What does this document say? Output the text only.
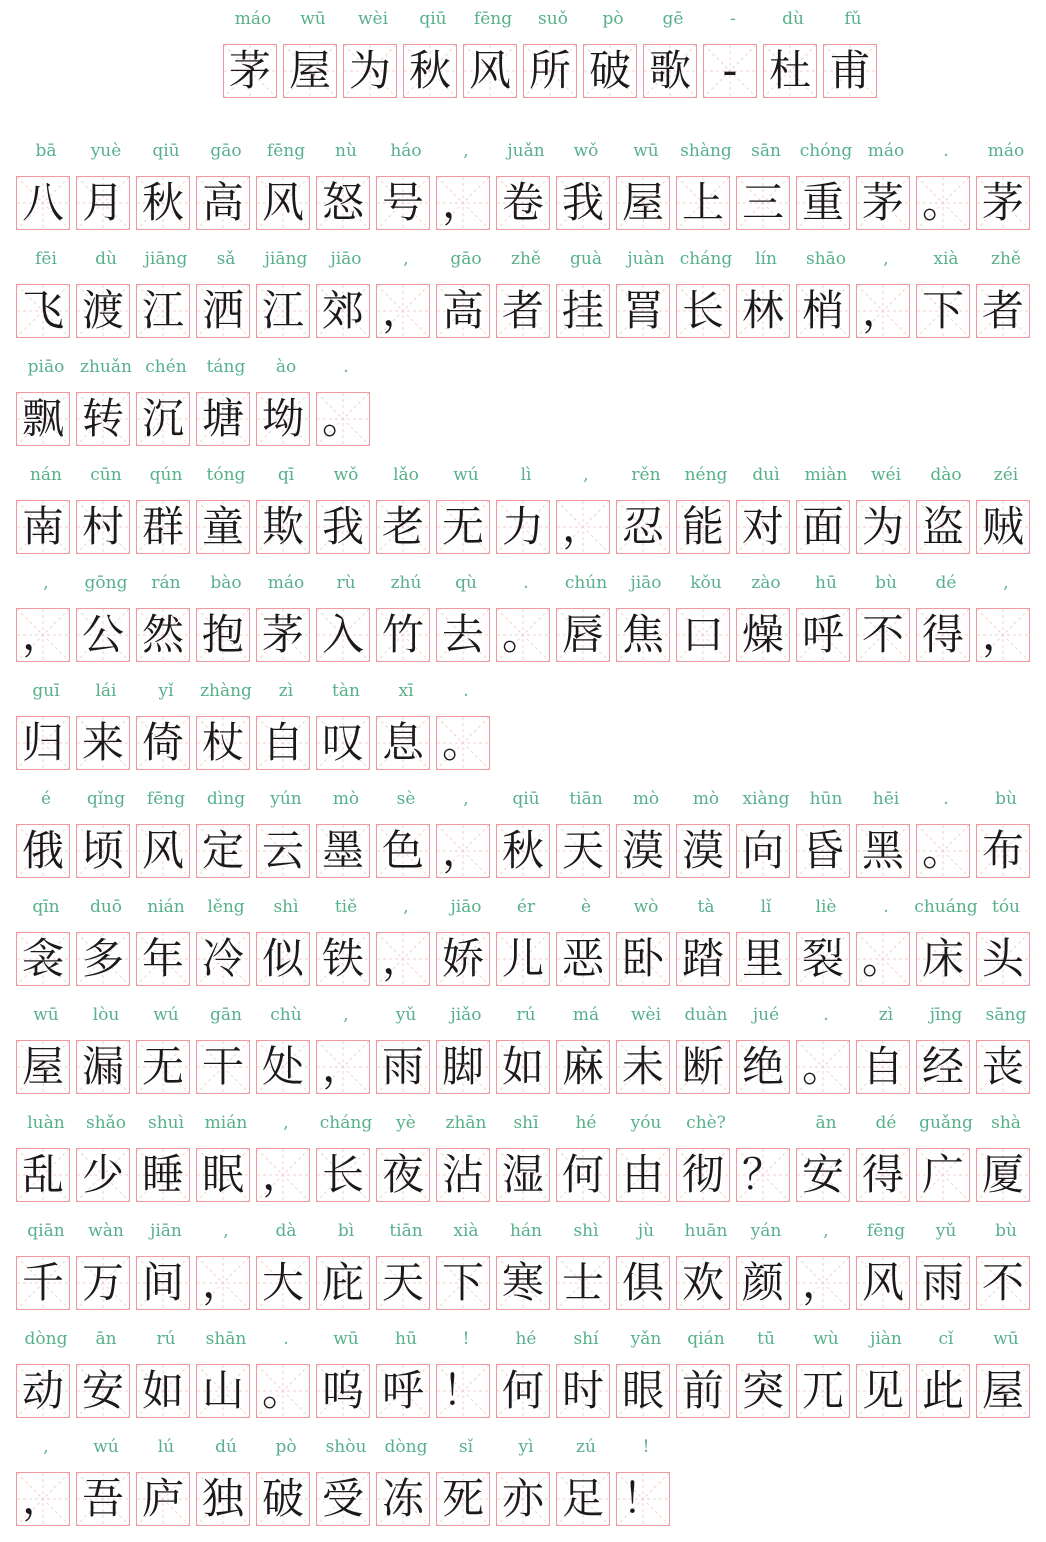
máo
茅
wū
屋
wèi
为
qiū
秋
fēng
风
suǒ
所
pò
破
gē
歌
-
-
dù
杜
fǔ
甫
bā
八
yuè
月
qiū
秋
gāo
高
fēng
风
nù
怒
háo
号
,
，
juǎn
卷
wǒ
我
wū
屋
shàng
上
sān
三
chóng
重
máo
茅
.
。
máo
茅
fēi
飞
dù
渡
jiāng
江
sǎ
洒
jiāng
江
jiāo
郊
,
，
gāo
高
zhě
者
guà
挂
juàn
罥
cháng
长
lín
林
shāo
梢
,
，
xià
下
zhě
者
piāo
飘
zhuǎn
转
chén
沉
táng
塘
ào
坳
.
。
nán
南
cūn
村
qún
群
tóng
童
qī
欺
wǒ
我
lǎo
老
wú
无
lì
力
,
，
rěn
忍
néng
能
duì
对
miàn
面
wéi
为
dào
盗
zéi
贼
,
，
gōng
公
rán
然
bào
抱
máo
茅
rù
入
zhú
竹
qù
去
.
。
chún
唇
jiāo
焦
kǒu
口
zào
燥
hū
呼
bù
不
dé
得
,
，
guī
归
lái
来
yǐ
倚
zhàng
杖
zì
自
tàn
叹
xī
息
.
。
é
俄
qǐng
顷
fēng
风
dìng
定
yún
云
mò
墨
sè
色
,
，
qiū
秋
tiān
天
mò
漠
mò
漠
xiàng
向
hūn
昏
hēi
黑
.
。
bù
布
qīn
衾
duō
多
nián
年
lěng
冷
shì
似
tiě
铁
,
，
jiāo
娇
ér
儿
è
恶
wò
卧
tà
踏
lǐ
里
liè
裂
.
。
chuáng
床
tóu
头
wū
屋
lòu
漏
wú
无
gān
干
chù
处
,
，
yǔ
雨
jiǎo
脚
rú
如
má
麻
wèi
未
duàn
断
jué
绝
.
。
zì
自
jīng
经
sāng
丧
luàn
乱
shǎo
少
shuì
睡
mián
眠
,
，
cháng
长
yè
夜
zhān
沾
shī
湿
hé
何
yóu
由
chè?
彻 ？
ān
安
dé
得
guǎng
广
shà
厦
qiān
千
wàn
万
jiān
间
,
，
dà
大
bì
庇
tiān
天
xià
下
hán
寒
shì
士
jù
俱
huān
欢
yán
颜
,
，
fēng
风
yǔ
雨
bù
不
dòng
动
ān
安
rú
如
shān
山
.
。
wū
呜
hū
呼
!
！
hé
何
shí
时
yǎn
眼
qián
前
tū
突
wù
兀
jiàn
见
cǐ
此
wū
屋
,
，
wú
吾
lú
庐
dú
独
pò
破
shòu
受
dòng
冻
sǐ
死
yì
亦
zú
足
!
！
